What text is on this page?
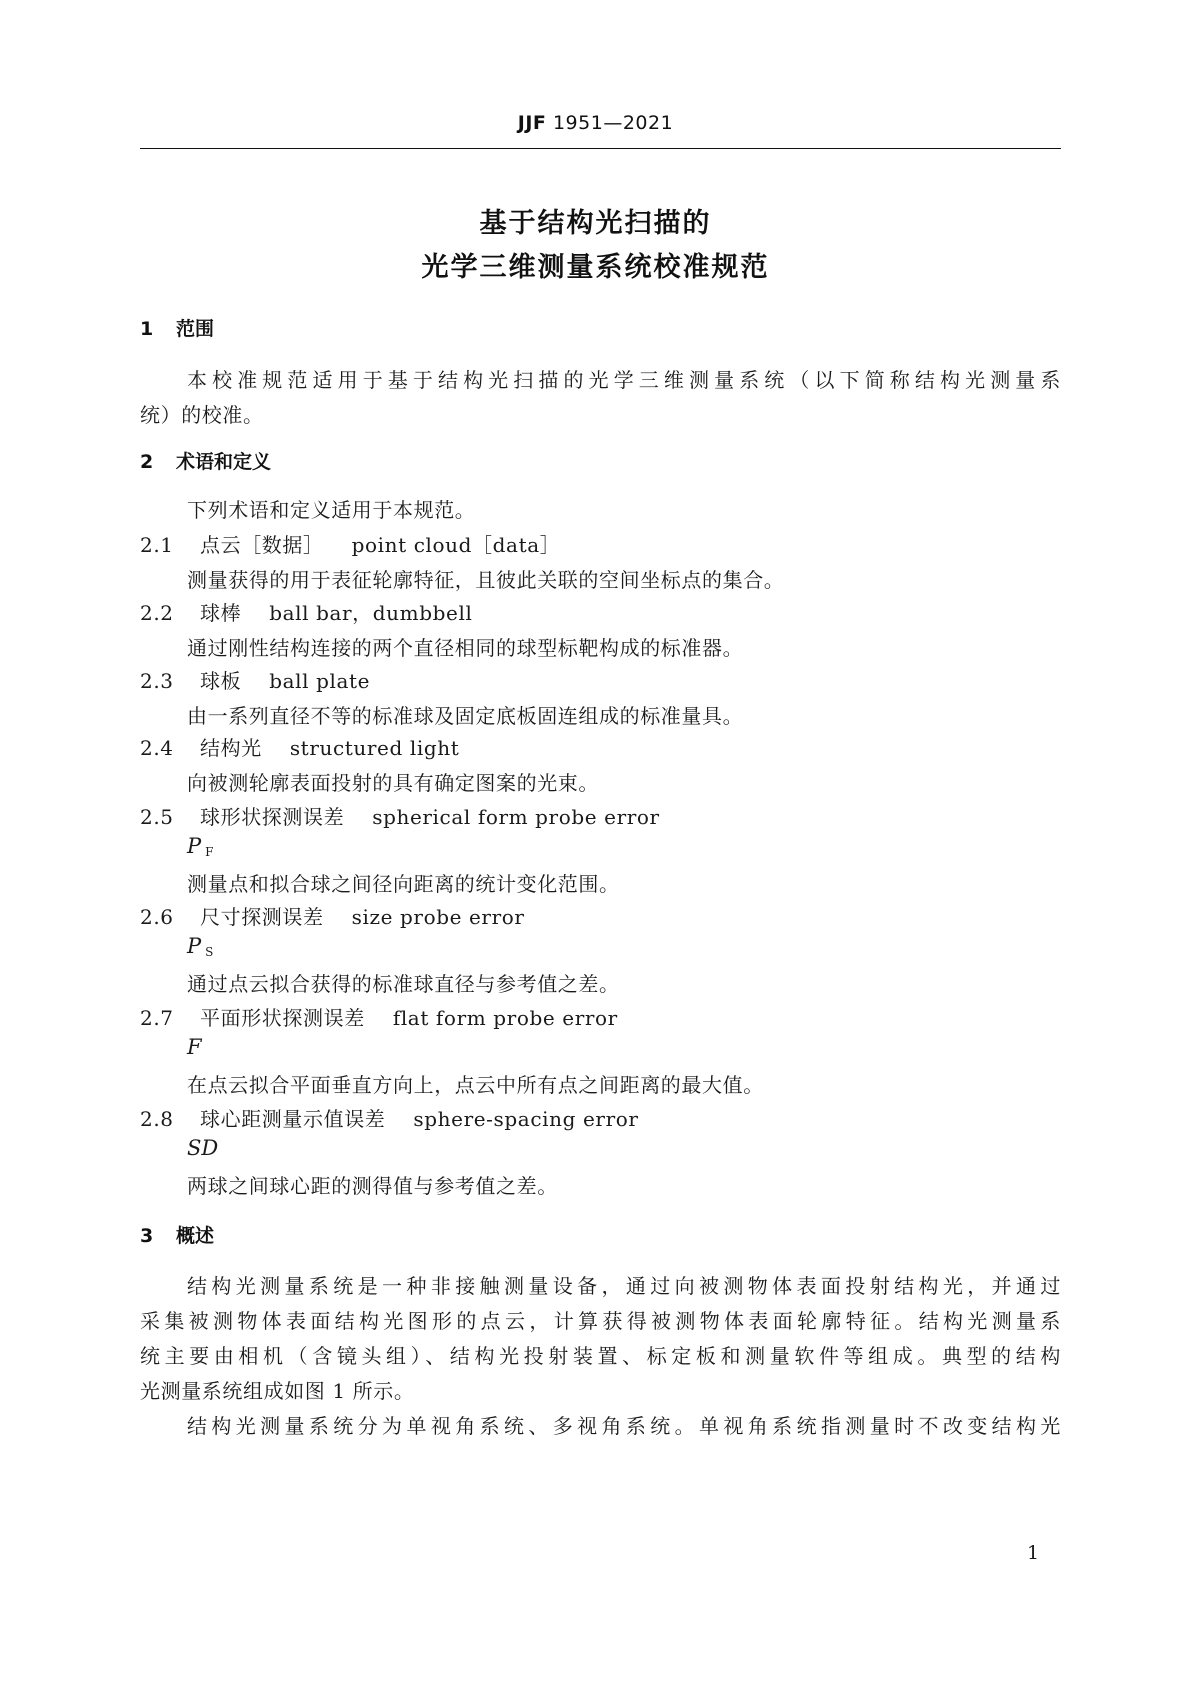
JJF 1951—2021
基于结构光扫描的
光学三维测量系统校准规范
1 范围
本校准规范适用于基于结构光扫描的光学三维测量系统（以下简称结构光测量系
统）的校准。
2 术语和定义
下列术语和定义适用于本规范。
2.1 点云［数据］ point cloud［data］
测量获得的用于表征轮廓特征，且彼此关联的空间坐标点的集合。
2.2 球棒 ball bar，dumbbell
通过刚性结构连接的两个直径相同的球型标靶构成的标准器。
2.3 球板 ball plate
由一系列直径不等的标准球及固定底板固连组成的标准量具。
2.4 结构光 structured light
向被测轮廓表面投射的具有确定图案的光束。
2.5 球形状探测误差 spherical form probe error
P $_F$
测量点和拟合球之间径向距离的统计变化范围。
2.6 尺寸探测误差 size probe error
P $_S$
通过点云拟合获得的标准球直径与参考值之差。
2.7 平面形状探测误差 flat form probe error
F
在点云拟合平面垂直方向上，点云中所有点之间距离的最大值。
2.8 球心距测量示值误差 sphere-spacing error
SD
两球之间球心距的测得值与参考值之差。
3 概述
结构光测量系统是一种非接触测量设备，通过向被测物体表面投射结构光，并通过
采集被测物体表面结构光图形的点云，计算获得被测物体表面轮廓特征。结构光测量系
统主要由相机（含镜头组）、结构光投射装置、标定板和测量软件等组成。典型的结构
光测量系统组成如图 1 所示。
结构光测量系统分为单视角系统、多视角系统。单视角系统指测量时不改变结构光
1
